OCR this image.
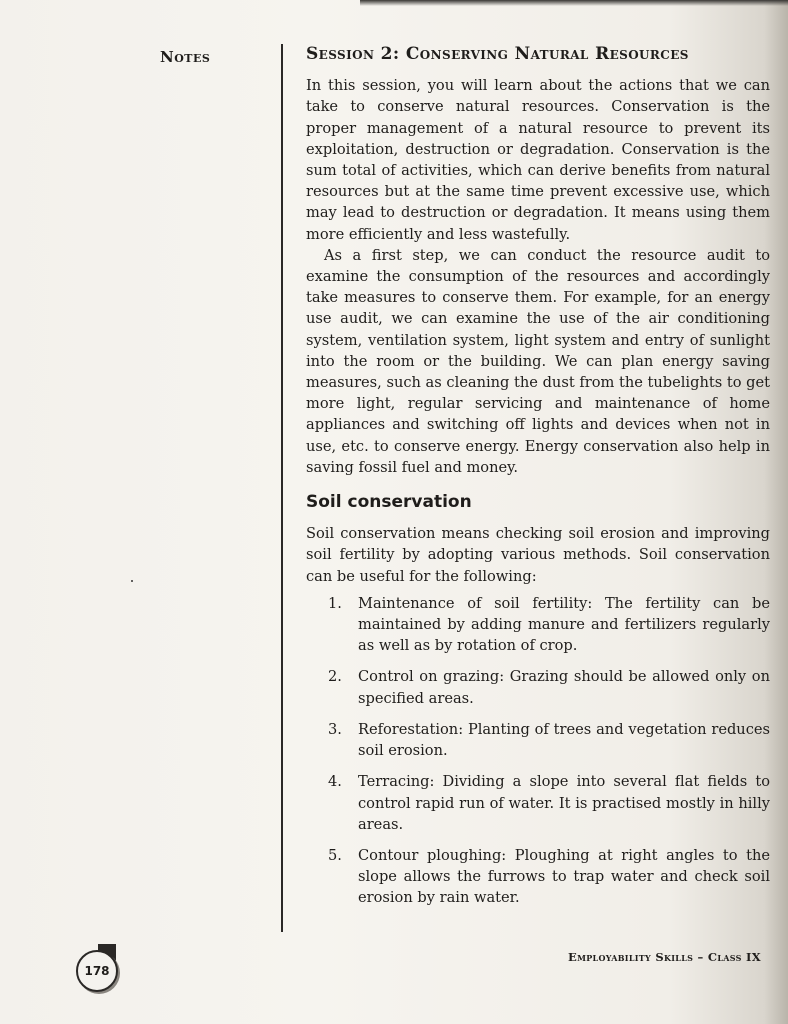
Notes	Session 2: Conserving Natural Resources

In this session, you will learn about the actions that we can take to conserve natural resources. Conservation is the proper management of a natural resource to prevent its exploitation, destruction or degradation. Conservation is the sum total of activities, which can derive benefits from natural resources but at the same time prevent excessive use, which may lead to destruction or degradation. It means using them more efficiently and less wastefully.

As a first step, we can conduct the resource audit to examine the consumption of the resources and accordingly take measures to conserve them. For example, for an energy use audit, we can examine the use of the air conditioning system, ventilation system, light system and entry of sunlight into the room or the building. We can plan energy saving measures, such as cleaning the dust from the tubelights to get more light, regular servicing and maintenance of home appliances and switching off lights and devices when not in use, etc. to conserve energy. Energy conservation also help in saving fossil fuel and money.

Soil conservation

Soil conservation means checking soil erosion and improving soil fertility by adopting various methods. Soil conservation can be useful for the following:

1. Maintenance of soil fertility: The fertility can be maintained by adding manure and fertilizers regularly as well as by rotation of crop.
2. Control on grazing: Grazing should be allowed only on specified areas.
3. Reforestation: Planting of trees and vegetation reduces soil erosion.
4. Terracing: Dividing a slope into several flat fields to control rapid run of water. It is practised mostly in hilly areas.
5. Contour ploughing: Ploughing at right angles to the slope allows the furrows to trap water and check soil erosion by rain water.
178
Employability Skills – Class IX
